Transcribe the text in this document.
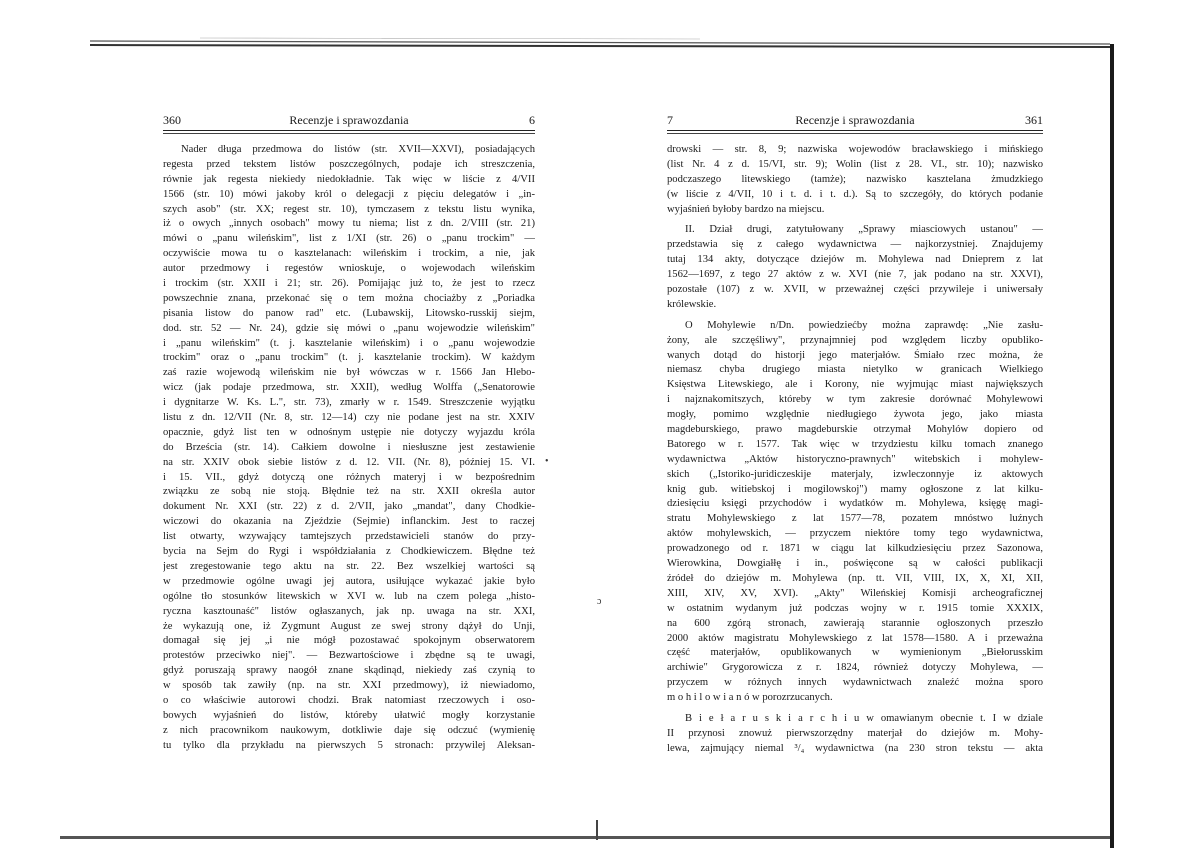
360	Recenzje i sprawozdania	6
Nader długa przedmowa do listów (str. XVII—XXVI), posiadających
regesta przed tekstem listów poszczególnych, podaje ich streszczenia,
równie jak regesta niekiedy niedokładnie. Tak więc w liście z 4/VII
1566 (str. 10) mówi jakoby król o delegacji z pięciu delegatów i „in-
szych asob" (str. XX; regest str. 10), tymczasem z tekstu listu wynika,
iż o owych „innych osobach" mowy tu niema; list z dn. 2/VIII (str. 21)
mówi o „panu wileńskim", list z 1/XI (str. 26) o „panu trockim" —
oczywiście mowa tu o kasztelanach: wileńskim i trockim, a nie, jak
autor przedmowy i regestów wnioskuje, o wojewodach wileńskim
i trockim (str. XXII i 21; str. 26). Pomijając już to, że jest to rzecz
powszechnie znana, przekonać się o tem można chociażby z „Poriadka
pisania listow do panow rad" etc. (Lubawskij, Litowsko-russkij siejm,
dod. str. 52 — Nr. 24), gdzie się mówi o „panu wojewodzie wileńskim"
i „panu wileńskim" (t. j. kasztelanie wileńskim) i o „panu wojewodzie
trockim" oraz o „panu trockim" (t. j. kasztelanie trockim). W każdym
zaś razie wojewodą wileńskim nie był wówczas w r. 1566 Jan Hlebo-
wicz (jak podaje przedmowa, str. XXII), według Wolffa („Senatorowie
i dygnitarze W. Ks. L.", str. 73), zmarły w r. 1549. Streszczenie wyjątku
listu z dn. 12/VII (Nr. 8, str. 12—14) czy nie podane jest na str. XXIV
opacznie, gdyż list ten w odnośnym ustępie nie dotyczy wyjazdu króla
do Brześcia (str. 14). Całkiem dowolne i niesłuszne jest zestawienie
na str. XXIV obok siebie listów z d. 12. VII. (Nr. 8), później 15. VI.
i 15. VII., gdyż dotyczą one różnych materyj i w bezpośrednim
związku ze sobą nie stoją. Błędnie też na str. XXII określa autor
dokument Nr. XXI (str. 22) z d. 2/VII, jako „mandat", dany Chodkie-
wiczowi do okazania na Zjeździe (Sejmie) inflanckim. Jest to raczej
list otwarty, wzywający tamtejszych przedstawicieli stanów do przy-
bycia na Sejm do Rygi i współdziałania z Chodkiewiczem. Błędne też
jest zregestowanie tego aktu na str. 22. Bez wszelkiej wartości są
w przedmowie ogólne uwagi jej autora, usiłujące wykazać jakie było
ogólne tło stosunków litewskich w XVI w. lub na czem polega „histo-
ryczna kasztounaść" listów ogłaszanych, jak np. uwaga na str. XXI,
że wykazują one, iż Zygmunt August ze swej strony dążył do Unji,
domagał się jej „i nie mógł pozostawać spokojnym obserwatorem
protestów przeciwko niej". — Bezwartościowe i zbędne są te uwagi,
gdyż poruszają sprawy naogół znane skądinąd, niekiedy zaś czynią to
w sposób tak zawiły (np. na str. XXI przedmowy), iż niewiadomo,
o co właściwie autorowi chodzi. Brak natomiast rzeczowych i oso-
bowych wyjaśnień do listów, któreby ułatwić mogły korzystanie
z nich pracownikom naukowym, dotkliwie daje się odczuć (wymienię
tu tylko dla przykładu na pierwszych 5 stronach: przywilej Aleksan-
•
ɔ
7	Recenzje i sprawozdania	361
drowski — str. 8, 9; nazwiska wojewodów bracławskiego i mińskiego
(list Nr. 4 z d. 15/VI, str. 9); Wolin (list z 28. VI., str. 10); nazwisko
podczaszego litewskiego (tamże); nazwisko kasztelana żmudzkiego
(w liście z 4/VII, 10 i t. d. i t. d.). Są to szczegóły, do których podanie
wyjaśnień byłoby bardzo na miejscu.
II. Dział drugi, zatytułowany „Sprawy miasciowych ustanou" —
przedstawia się z całego wydawnictwa — najkorzystniej. Znajdujemy
tutaj 134 akty, dotyczące dziejów m. Mohylewa nad Dnieprem z lat
1562—1697, z tego 27 aktów z w. XVI (nie 7, jak podano na str. XXVI),
pozostałe (107) z w. XVII, w przeważnej części przywileje i uniwersały
królewskie.
O Mohylewie n/Dn. powiedziećby można zaprawdę: „Nie zasłu-
żony, ale szczęśliwy", przynajmniej pod względem liczby opubliko-
wanych dotąd do historji jego materjałów. Śmiało rzec można, że
niemasz chyba drugiego miasta nietylko w granicach Wielkiego
Księstwa Litewskiego, ale i Korony, nie wyjmując miast największych
i najznakomitszych, któreby w tym zakresie dorównać Mohylewowi
mogły, pomimo względnie niedługiego żywota jego, jako miasta
magdeburskiego, prawo magdeburskie otrzymał Mohylów dopiero od
Batorego w r. 1577. Tak więc w trzydziestu kilku tomach znanego
wydawnictwa „Aktów historyczno-prawnych" witebskich i mohylew-
skich („Istoriko-juridiczeskije materjaly, izwleczonnyje iz aktowych
knig gub. witiebskoj i mogilowskoj") mamy ogłoszone z lat kilku-
dziesięciu księgi przychodów i wydatków m. Mohylewa, księgę magi-
stratu Mohylewskiego z lat 1577—78, pozatem mnóstwo luźnych
aktów mohylewskich, — przyczem niektóre tomy tego wydawnictwa,
prowadzonego od r. 1871 w ciągu lat kilkudziesięciu przez Sazonowa,
Wierowkina, Dowgiałłę i in., poświęcone są w całości publikacji
źródeł do dziejów m. Mohylewa (np. tt. VII, VIII, IX, X, XI, XII,
XIII, XIV, XV, XVI). „Akty" Wileńskiej Komisji archeograficznej
w ostatnim wydanym już podczas wojny w r. 1915 tomie XXXIX,
na 600 zgórą stronach, zawierają starannie ogłoszonych przeszło
2000 aktów magistratu Mohylewskiego z lat 1578—1580. A i przeważna
część materjałów, opublikowanych w wymienionym „Biełorusskim
archiwie" Grygorowicza z r. 1824, również dotyczy Mohylewa, —
przyczem w różnych innych wydawnictwach znaleźć można sporo
m o h i l o w i a n ó w porozrzucanych.
B i e ł a r u s k i a r c h i u w omawianym obecnie t. I w dziale
II przynosi znowuż pierwszorzędny materjał do dziejów m. Mohy-
lewa, zajmujący niemal ³/₄ wydawnictwa (na 230 stron tekstu — akta
